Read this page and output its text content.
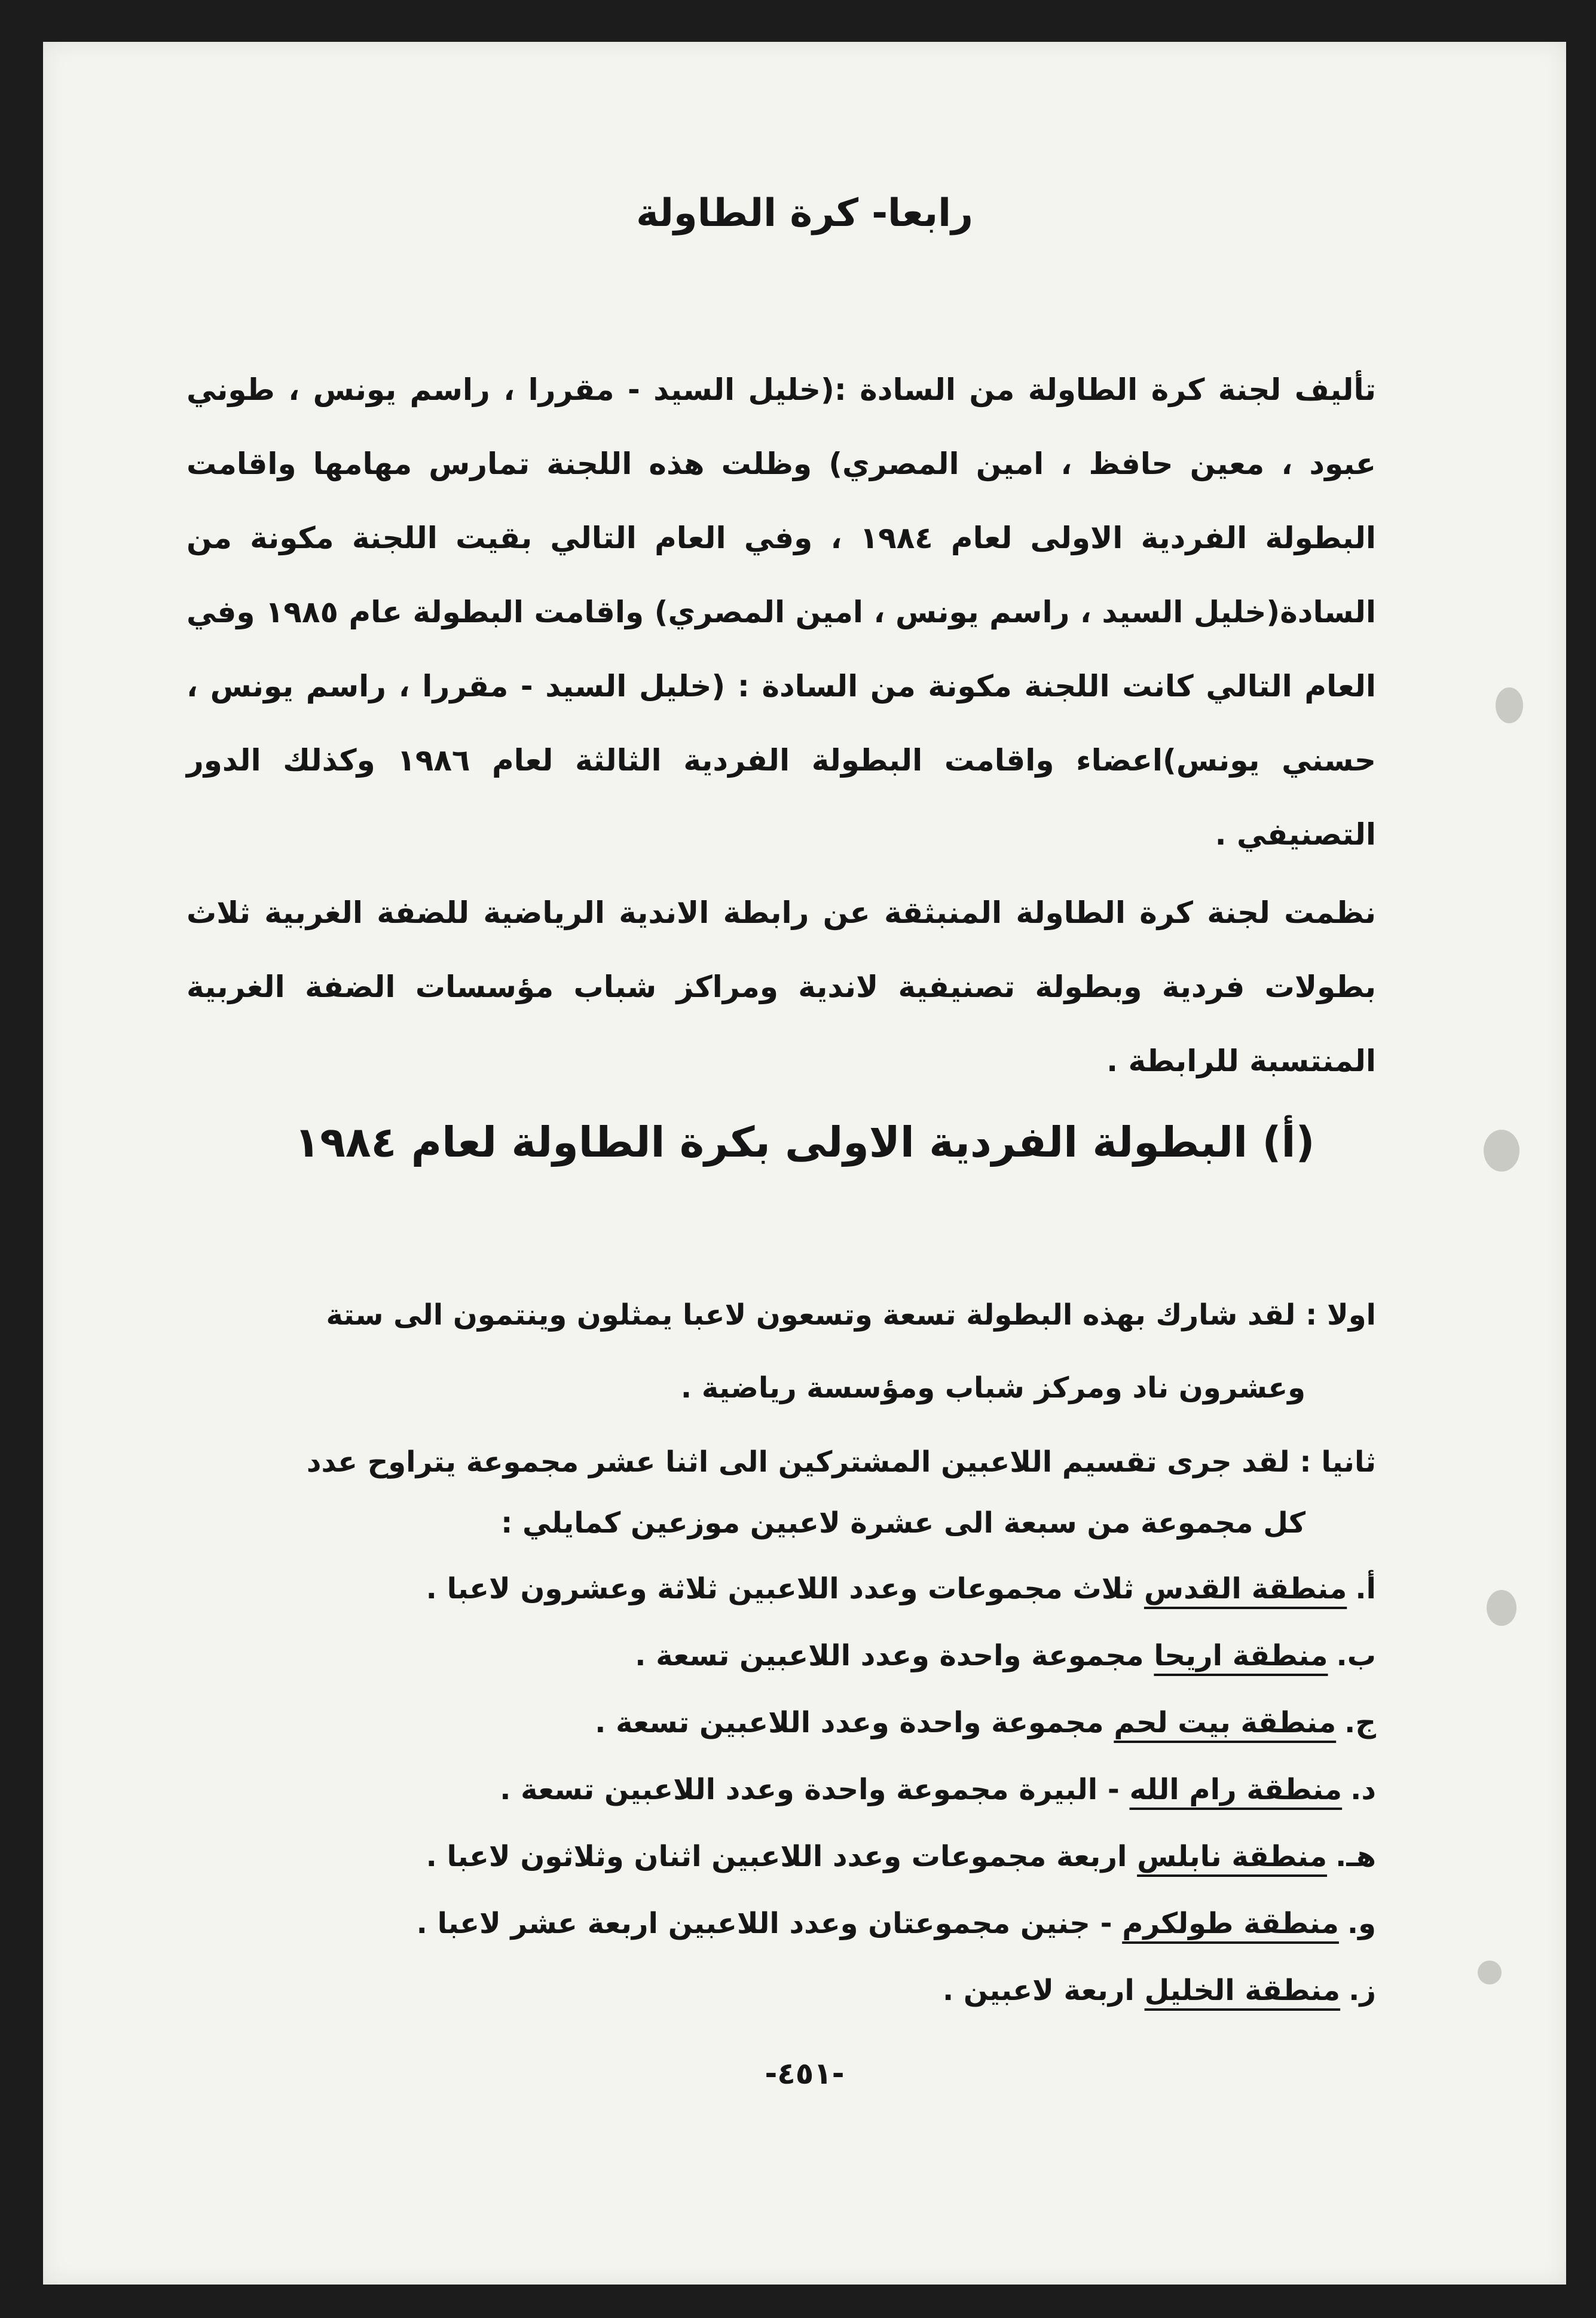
رابعا- كرة الطاولة
تأليف لجنة كرة الطاولة من السادة :(خليل السيد - مقررا ، راسم يونس ، طوني عبود ، معين حافظ ، امين المصري) وظلت هذه اللجنة تمارس مهامها واقامت البطولة الفردية الاولى لعام ١٩٨٤ ، وفي العام التالي بقيت اللجنة مكونة من السادة(خليل السيد ، راسم يونس ، امين المصري) واقامت البطولة عام ١٩٨٥ وفي العام التالي كانت اللجنة مكونة من السادة : (خليل السيد - مقررا ، راسم يونس ، حسني يونس)اعضاء واقامت البطولة الفردية الثالثة لعام ١٩٨٦ وكذلك الدور التصنيفي .
نظمت لجنة كرة الطاولة المنبثقة عن رابطة الاندية الرياضية للضفة الغربية ثلاث بطولات فردية وبطولة تصنيفية لاندية ومراكز شباب مؤسسات الضفة الغربية المنتسبة للرابطة .
(أ) البطولة الفردية الاولى بكرة الطاولة لعام ١٩٨٤
اولا : لقد شارك بهذه البطولة تسعة وتسعون لاعبا يمثلون وينتمون الى ستة
وعشرون ناد ومركز شباب ومؤسسة رياضية .
ثانيا : لقد جرى تقسيم اللاعبين المشتركين الى اثنا عشر مجموعة يتراوح عدد
كل مجموعة من سبعة الى عشرة لاعبين موزعين كمايلي :
أ.منطقة القدس ثلاث مجموعات وعدد اللاعبين ثلاثة وعشرون لاعبا .
ب.منطقة اريحا مجموعة واحدة وعدد اللاعبين تسعة .
ج.منطقة بيت لحم مجموعة واحدة وعدد اللاعبين تسعة .
د.منطقة رام الله - البيرة مجموعة واحدة وعدد اللاعبين تسعة .
هـ.منطقة نابلس اربعة مجموعات وعدد اللاعبين اثنان وثلاثون لاعبا .
و.منطقة طولكرم - جنين مجموعتان وعدد اللاعبين اربعة عشر لاعبا .
ز.منطقة الخليل اربعة لاعبين .
-٤٥١-
